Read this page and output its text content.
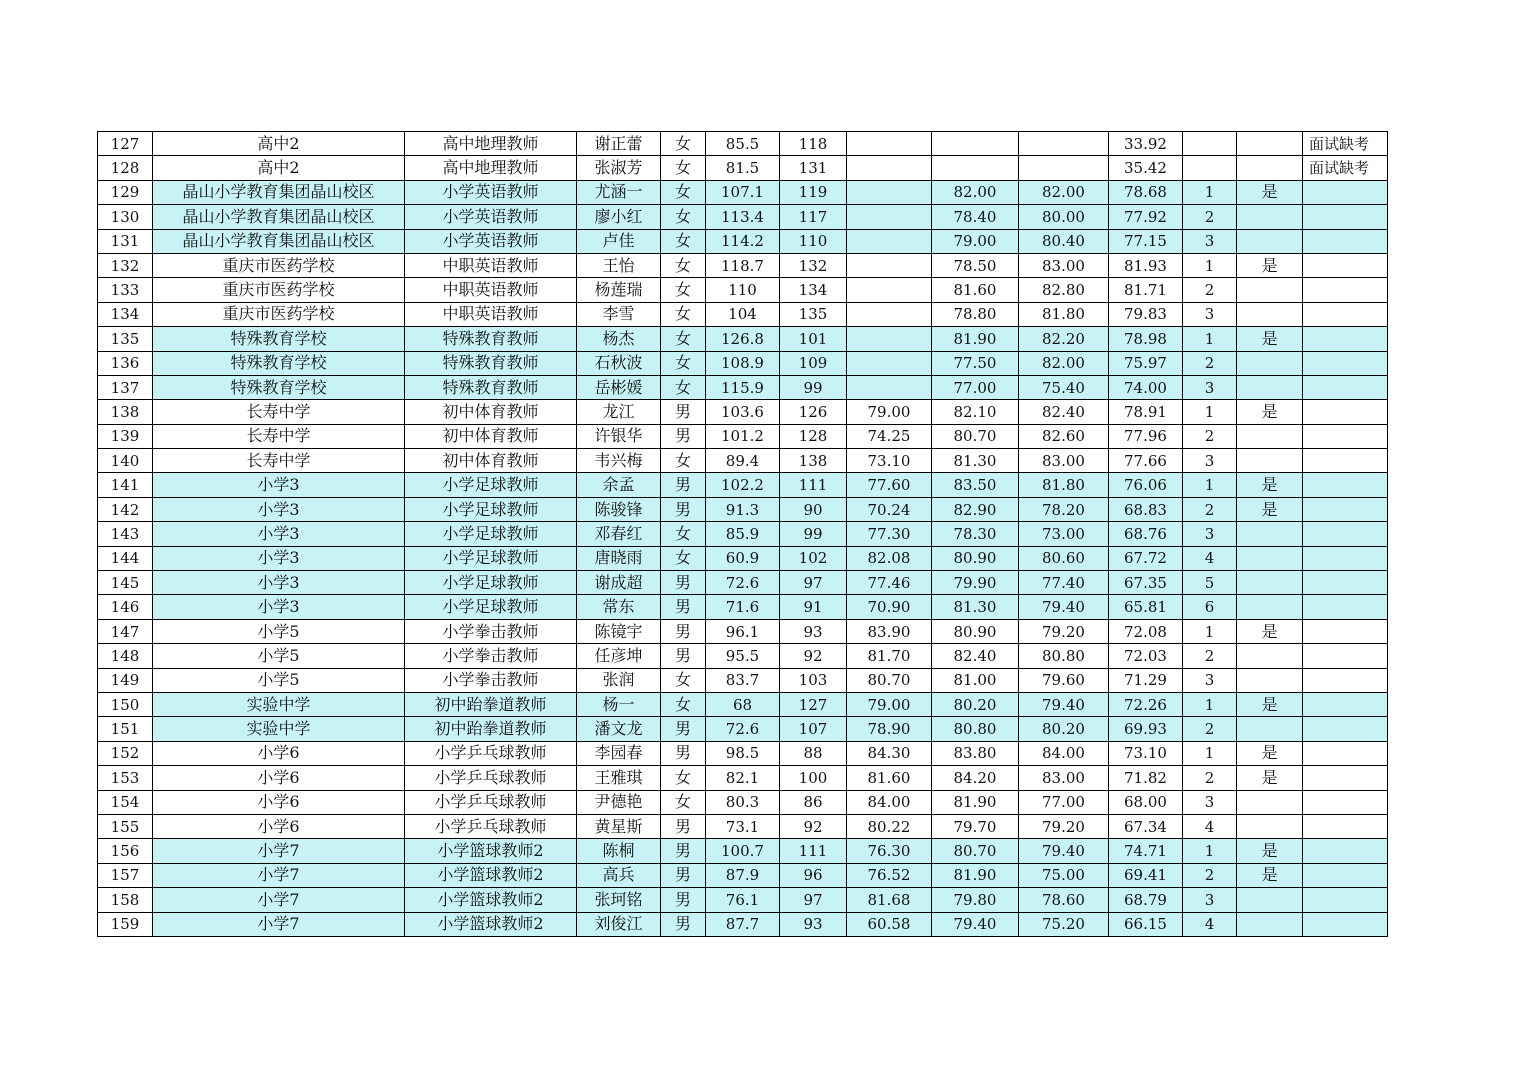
127	高中2	高中地理教师	谢正蕾	女	85.5	118				33.92			面试缺考
128	高中2	高中地理教师	张淑芳	女	81.5	131				35.42			面试缺考
129	晶山小学教育集团晶山校区	小学英语教师	尤涵一	女	107.1	119		82.00	82.00	78.68	1	是	
130	晶山小学教育集团晶山校区	小学英语教师	廖小红	女	113.4	117		78.40	80.00	77.92	2		
131	晶山小学教育集团晶山校区	小学英语教师	卢佳	女	114.2	110		79.00	80.40	77.15	3		
132	重庆市医药学校	中职英语教师	王怡	女	118.7	132		78.50	83.00	81.93	1	是	
133	重庆市医药学校	中职英语教师	杨莲瑞	女	110	134		81.60	82.80	81.71	2		
134	重庆市医药学校	中职英语教师	李雪	女	104	135		78.80	81.80	79.83	3		
135	特殊教育学校	特殊教育教师	杨杰	女	126.8	101		81.90	82.20	78.98	1	是	
136	特殊教育学校	特殊教育教师	石秋波	女	108.9	109		77.50	82.00	75.97	2		
137	特殊教育学校	特殊教育教师	岳彬媛	女	115.9	99		77.00	75.40	74.00	3		
138	长寿中学	初中体育教师	龙江	男	103.6	126	79.00	82.10	82.40	78.91	1	是	
139	长寿中学	初中体育教师	许银华	男	101.2	128	74.25	80.70	82.60	77.96	2		
140	长寿中学	初中体育教师	韦兴梅	女	89.4	138	73.10	81.30	83.00	77.66	3		
141	小学3	小学足球教师	余孟	男	102.2	111	77.60	83.50	81.80	76.06	1	是	
142	小学3	小学足球教师	陈骏锋	男	91.3	90	70.24	82.90	78.20	68.83	2	是	
143	小学3	小学足球教师	邓春红	女	85.9	99	77.30	78.30	73.00	68.76	3		
144	小学3	小学足球教师	唐晓雨	女	60.9	102	82.08	80.90	80.60	67.72	4		
145	小学3	小学足球教师	谢成超	男	72.6	97	77.46	79.90	77.40	67.35	5		
146	小学3	小学足球教师	常东	男	71.6	91	70.90	81.30	79.40	65.81	6		
147	小学5	小学拳击教师	陈镜宇	男	96.1	93	83.90	80.90	79.20	72.08	1	是	
148	小学5	小学拳击教师	任彦坤	男	95.5	92	81.70	82.40	80.80	72.03	2		
149	小学5	小学拳击教师	张润	女	83.7	103	80.70	81.00	79.60	71.29	3		
150	实验中学	初中跆拳道教师	杨一	女	68	127	79.00	80.20	79.40	72.26	1	是	
151	实验中学	初中跆拳道教师	潘文龙	男	72.6	107	78.90	80.80	80.20	69.93	2		
152	小学6	小学乒乓球教师	李园春	男	98.5	88	84.30	83.80	84.00	73.10	1	是	
153	小学6	小学乒乓球教师	王雅琪	女	82.1	100	81.60	84.20	83.00	71.82	2	是	
154	小学6	小学乒乓球教师	尹德艳	女	80.3	86	84.00	81.90	77.00	68.00	3		
155	小学6	小学乒乓球教师	黄星斯	男	73.1	92	80.22	79.70	79.20	67.34	4		
156	小学7	小学篮球教师2	陈桐	男	100.7	111	76.30	80.70	79.40	74.71	1	是	
157	小学7	小学篮球教师2	高兵	男	87.9	96	76.52	81.90	75.00	69.41	2	是	
158	小学7	小学篮球教师2	张珂铭	男	76.1	97	81.68	79.80	78.60	68.79	3		
159	小学7	小学篮球教师2	刘俊江	男	87.7	93	60.58	79.40	75.20	66.15	4		
